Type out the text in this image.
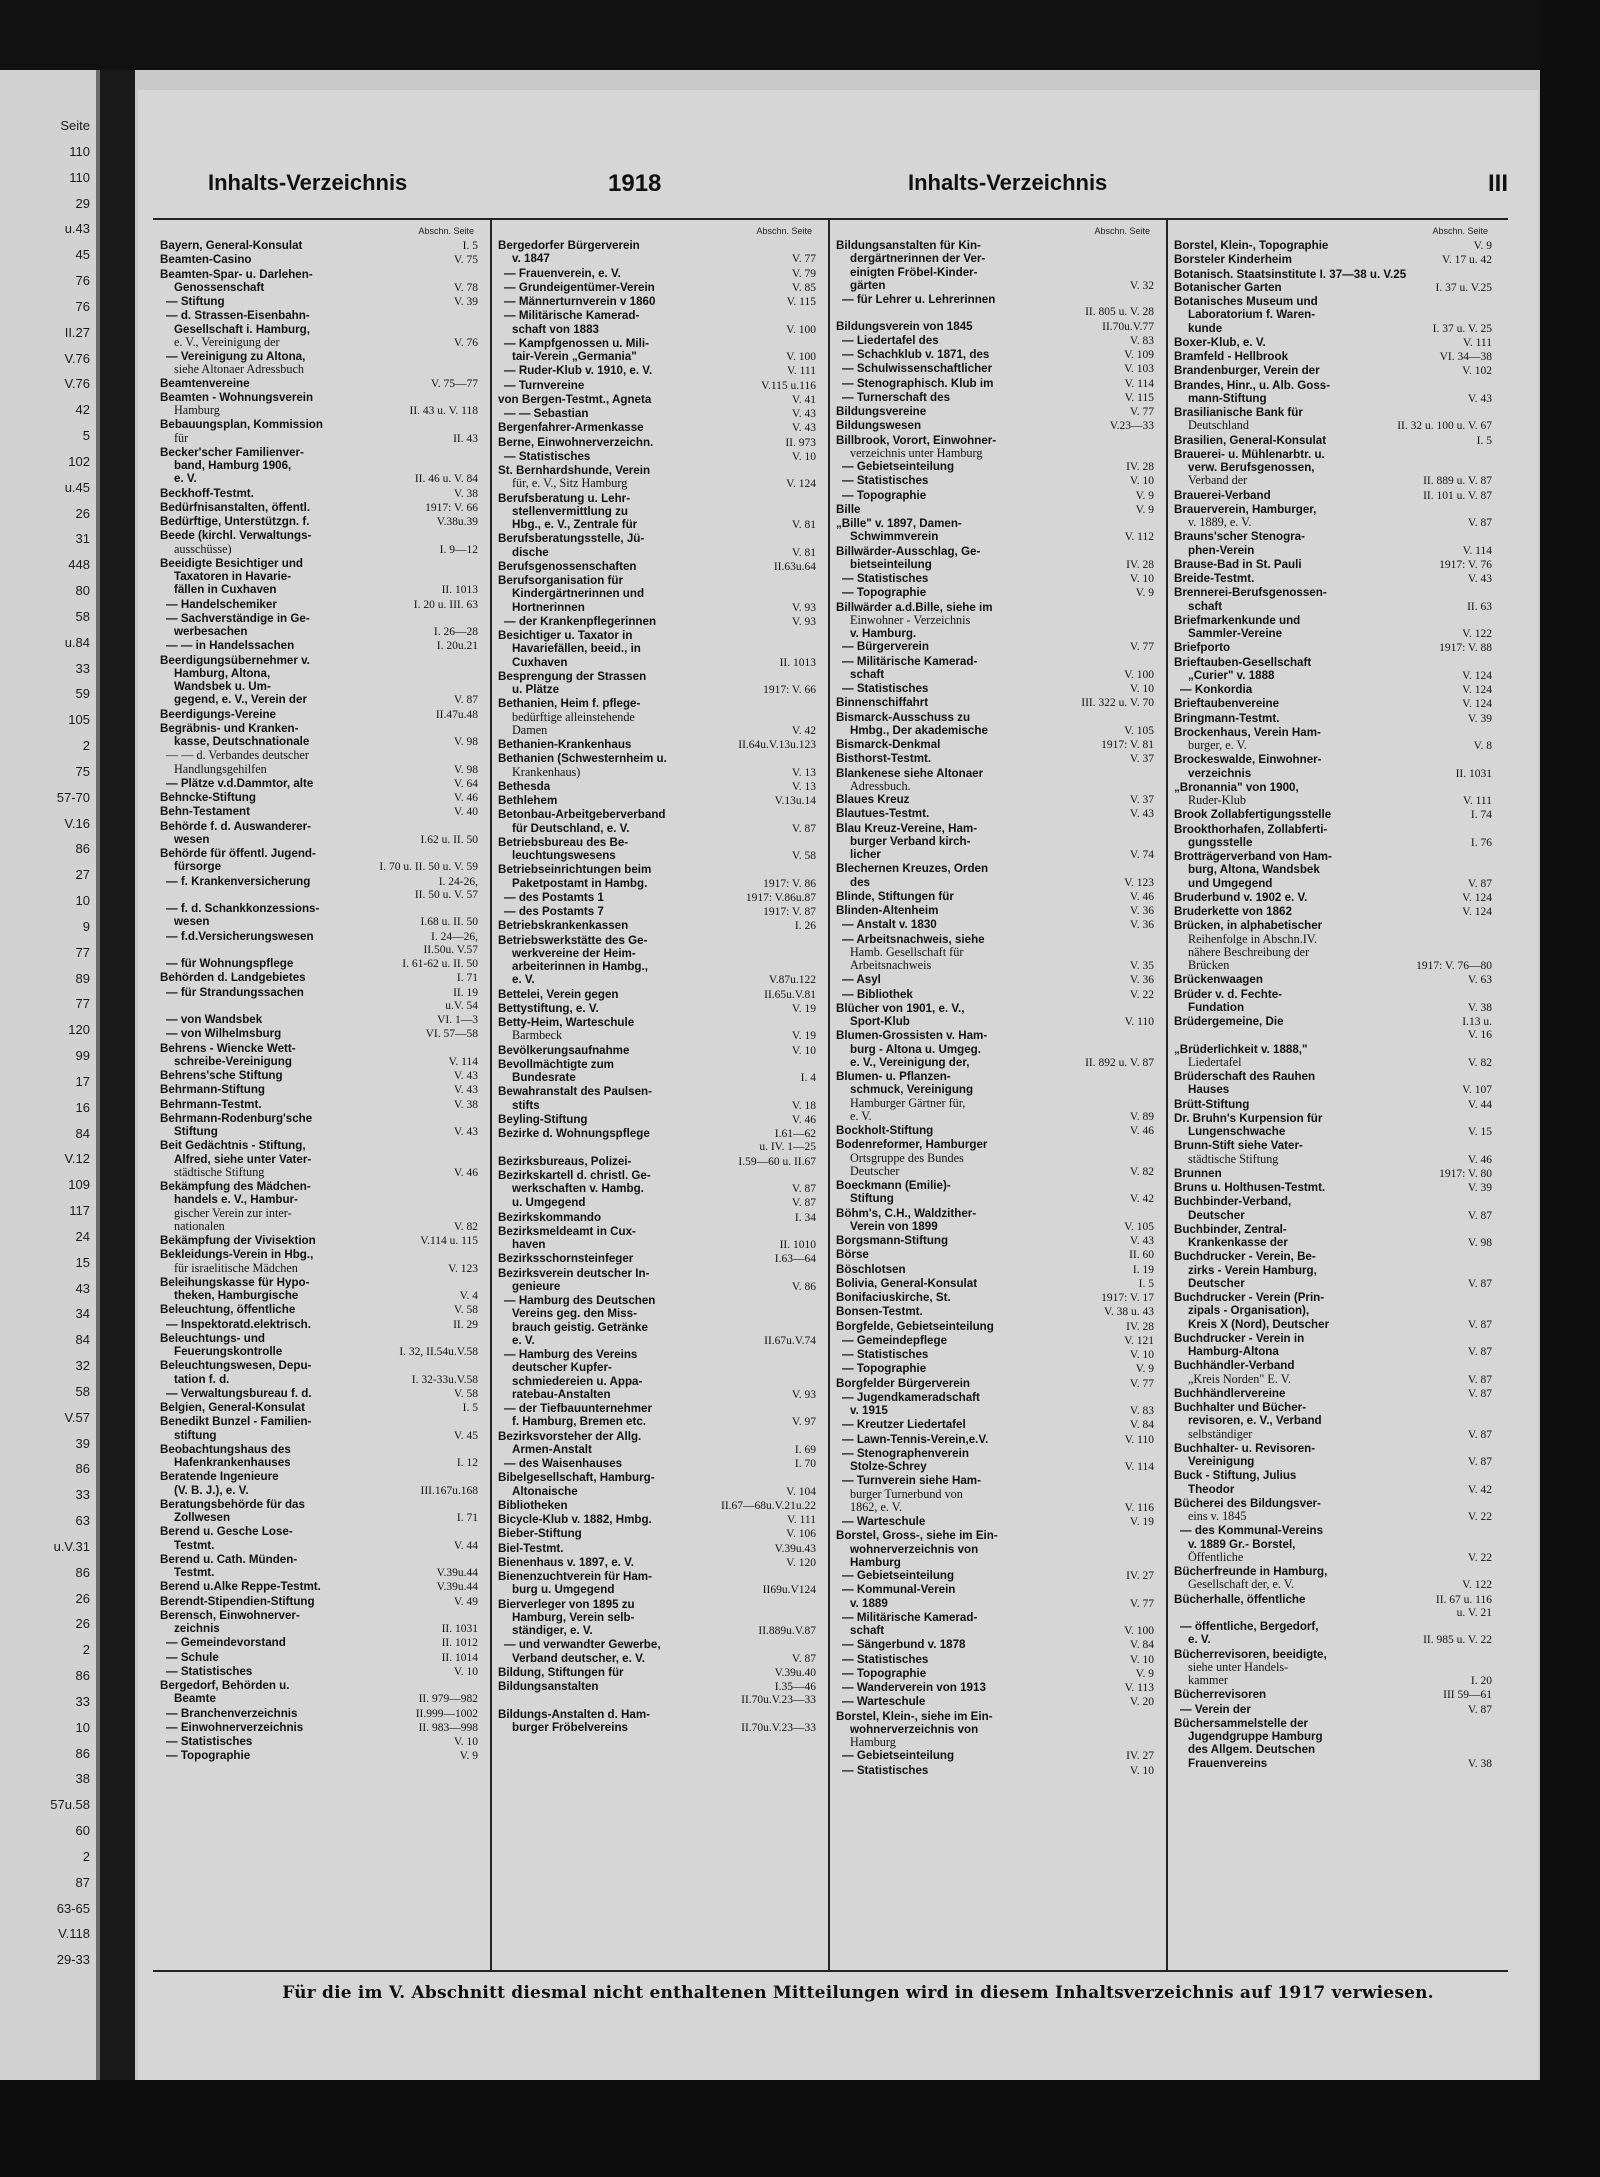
Seite
110
110
29
u.43
45
76
76
II.27
V.76
V.76
42
5
102
u.45
26
31
448
80
58
u.84
33
59
105
2
75
57-70
V.16
86
27
10
9
77
89
77
120
99
17
16
84
V.12
109
117
24
15
43
34
84
32
58
V.57
39
86
33
63
u.V.31
86
26
26
2
86
33
10
86
38
57u.58
60
2
87
63-65
V.118
29-33
Inhalts-Verzeichnis	1918	Inhalts-Verzeichnis	III
Abschn. Seite
Bayern, General-Konsulat	I. 5
Beamten-Casino	V. 75
Beamten-Spar- u. Darlehen-
Genossenschaft	V. 78
— Stiftung	V. 39
— d. Strassen-Eisenbahn-
Gesellschaft i. Hamburg,
e. V., Vereinigung der	V. 76
— Vereinigung zu Altona,
siehe Altonaer Adressbuch
Beamtenvereine	V. 75—77
Beamten - Wohnungsverein
Hamburg	II. 43 u. V. 118
Bebauungsplan, Kommission
für	II. 43
Becker'scher Familienver-
band, Hamburg 1906,
e. V.	II. 46 u. V. 84
Beckhoff-Testmt.	V. 38
Bedürfnisanstalten, öffentl.	1917: V. 66
Bedürftige, Unterstützgn. f.	V.38u.39
Beede (kirchl. Verwaltungs-
ausschüsse)	I. 9—12
Beeidigte Besichtiger und
Taxatoren in Havarie-
fällen in Cuxhaven	II. 1013
— Handelschemiker	I. 20 u. III. 63
— Sachverständige in Ge-
werbesachen	I. 26—28
— — in Handelssachen	I. 20u.21
Beerdigungsübernehmer v.
Hamburg, Altona,
Wandsbek u. Um-
gegend, e. V., Verein der	V. 87
Beerdigungs-Vereine	II.47u.48
Begräbnis- und Kranken-
kasse, Deutschnationale	V. 98
— — d. Verbandes deutscher
Handlungsgehilfen	V. 98
— Plätze v.d.Dammtor, alte	V. 64
Behncke-Stiftung	V. 46
Behn-Testament	V. 40
Behörde f. d. Auswanderer-
wesen	I.62 u. II. 50
Behörde für öffentl. Jugend-
fürsorge	I. 70 u. II. 50 u. V. 59
— f. Krankenversicherung	I. 24-26,
II. 50 u. V. 57
— f. d. Schankkonzessions-
wesen	I.68 u. II. 50
— f.d.Versicherungswesen	I. 24—26,
II.50u. V.57
— für Wohnungspflege	I. 61-62 u. II. 50
Behörden d. Landgebietes	I. 71
— für Strandungssachen	II. 19
u.V. 54
— von Wandsbek	VI. 1—3
— von Wilhelmsburg	VI. 57—58
Behrens - Wiencke Wett-
schreibe-Vereinigung	V. 114
Behrens'sche Stiftung	V. 43
Behrmann-Stiftung	V. 43
Behrmann-Testmt.	V. 38
Behrmann-Rodenburg'sche
Stiftung	V. 43
Beit Gedächtnis - Stiftung,
Alfred, siehe unter Vater-
städtische Stiftung	V. 46
Bekämpfung des Mädchen-
handels e. V., Hambur-
gischer Verein zur inter-
nationalen	V. 82
Bekämpfung der Vivisektion	V.114 u. 115
Bekleidungs-Verein in Hbg.,
für israelitische Mädchen	V. 123
Beleihungskasse für Hypo-
theken, Hamburgische	V. 4
Beleuchtung, öffentliche	V. 58
— Inspektoratd.elektrisch.	II. 29
Beleuchtungs- und
Feuerungskontrolle	I. 32, II.54u.V.58
Beleuchtungswesen, Depu-
tation f. d.	I. 32-33u.V.58
— Verwaltungsbureau f. d.	V. 58
Belgien, General-Konsulat	I. 5
Benedikt Bunzel - Familien-
stiftung	V. 45
Beobachtungshaus des
Hafenkrankenhauses	I. 12
Beratende Ingenieure
(V. B. J.), e. V.	III.167u.168
Beratungsbehörde für das
Zollwesen	I. 71
Berend u. Gesche Lose-
Testmt.	V. 44
Berend u. Cath. Münden-
Testmt.	V.39u.44
Berend u.Alke Reppe-Testmt.	V.39u.44
Berendt-Stipendien-Stiftung	V. 49
Berensch, Einwohnerver-
zeichnis	II. 1031
— Gemeindevorstand	II. 1012
— Schule	II. 1014
— Statistisches	V. 10
Bergedorf, Behörden u.
Beamte	II. 979—982
— Branchenverzeichnis	II.999—1002
— Einwohnerverzeichnis	II. 983—998
— Statistisches	V. 10
— Topographie	V. 9
Abschn. Seite
Bergedorfer Bürgerverein
v. 1847	V. 77
— Frauenverein, e. V.	V. 79
— Grundeigentümer-Verein	V. 85
— Männerturnverein v 1860	V. 115
— Militärische Kamerad-
schaft von 1883	V. 100
— Kampfgenossen u. Mili-
tair-Verein „Germania"	V. 100
— Ruder-Klub v. 1910, e. V.	V. 111
— Turnvereine	V.115 u.116
von Bergen-Testmt., Agneta	V. 41
— — Sebastian	V. 43
Bergenfahrer-Armenkasse	V. 43
Berne, Einwohnerverzeichn.	II. 973
— Statistisches	V. 10
St. Bernhardshunde, Verein
für, e. V., Sitz Hamburg	V. 124
Berufsberatung u. Lehr-
stellenvermittlung zu
Hbg., e. V., Zentrale für	V. 81
Berufsberatungsstelle, Jü-
dische	V. 81
Berufsgenossenschaften	II.63u.64
Berufsorganisation für
Kindergärtnerinnen und
Hortnerinnen	V. 93
— der Krankenpflegerinnen	V. 93
Besichtiger u. Taxator in
Havariefällen, beeid., in
Cuxhaven	II. 1013
Besprengung der Strassen
u. Plätze	1917: V. 66
Bethanien, Heim f. pflege-
bedürftige alleinstehende
Damen	V. 42
Bethanien-Krankenhaus	II.64u.V.13u.123
Bethanien (Schwesternheim u.
Krankenhaus)	V. 13
Bethesda	V. 13
Bethlehem	V.13u.14
Betonbau-Arbeitgeberverband
für Deutschland, e. V.	V. 87
Betriebsbureau des Be-
leuchtungswesens	V. 58
Betriebseinrichtungen beim
Paketpostamt in Hambg.	1917: V. 86
— des Postamts 1	1917: V.86u.87
— des Postamts 7	1917: V. 87
Betriebskrankenkassen	I. 26
Betriebswerkstätte des Ge-
werkvereine der Heim-
arbeiterinnen in Hambg.,
e. V.	V.87u.122
Bettelei, Verein gegen	II.65u.V.81
Bettystiftung, e. V.	V. 19
Betty-Heim, Warteschule
Barmbeck	V. 19
Bevölkerungsaufnahme	V. 10
Bevollmächtigte zum
Bundesrate	I. 4
Bewahranstalt des Paulsen-
stifts	V. 18
Beyling-Stiftung	V. 46
Bezirke d. Wohnungspflege	I.61—62
u. IV. 1—25
Bezirksbureaus, Polizei-	I.59—60 u. II.67
Bezirkskartell d. christl. Ge-
werkschaften v. Hambg.	V. 87
u. Umgegend	V. 87
Bezirkskommando	I. 34
Bezirksmeldeamt in Cux-
haven	II. 1010
Bezirksschornsteinfeger	I.63—64
Bezirksverein deutscher In-
genieure	V. 86
— Hamburg des Deutschen
Vereins geg. den Miss-
brauch geistig. Getränke
e. V.	II.67u.V.74
— Hamburg des Vereins
deutscher Kupfer-
schmiedereien u. Appa-
ratebau-Anstalten	V. 93
— der Tiefbauunternehmer
f. Hamburg, Bremen etc.	V. 97
Bezirksvorsteher der Allg.
Armen-Anstalt	I. 69
— des Waisenhauses	I. 70
Bibelgesellschaft, Hamburg-
Altonaische	V. 104
Bibliotheken	II.67—68u.V.21u.22
Bicycle-Klub v. 1882, Hmbg.	V. 111
Bieber-Stiftung	V. 106
Biel-Testmt.	V.39u.43
Bienenhaus v. 1897, e. V.	V. 120
Bienenzuchtverein für Ham-
burg u. Umgegend	II69u.V124
Bierverleger von 1895 zu
Hamburg, Verein selb-
ständiger, e. V.	II.889u.V.87
— und verwandter Gewerbe,
Verband deutscher, e. V.	V. 87
Bildung, Stiftungen für	V.39u.40
Bildungsanstalten	I.35—46
II.70u.V.23—33
Bildungs-Anstalten d. Ham-
burger Fröbelvereins	II.70u.V.23—33
Abschn. Seite
Bildungsanstalten für Kin-
dergärtnerinnen der Ver-
einigten Fröbel-Kinder-
gärten	V. 32
— für Lehrer u. Lehrerinnen
II. 805 u. V. 28
Bildungsverein von 1845	II.70u.V.77
— Liedertafel des	V. 83
— Schachklub v. 1871, des	V. 109
— Schulwissenschaftlicher	V. 103
— Stenographisch. Klub im	V. 114
— Turnerschaft des	V. 115
Bildungsvereine	V. 77
Bildungswesen	V.23—33
Billbrook, Vorort, Einwohner-
verzeichnis unter Hamburg
— Gebietseinteilung	IV. 28
— Statistisches	V. 10
— Topographie	V. 9
Bille	V. 9
„Bille" v. 1897, Damen-
Schwimmverein	V. 112
Billwärder-Ausschlag, Ge-
bietseinteilung	IV. 28
— Statistisches	V. 10
— Topographie	V. 9
Billwärder a.d.Bille, siehe im
Einwohner - Verzeichnis
v. Hamburg.
— Bürgerverein	V. 77
— Militärische Kamerad-
schaft	V. 100
— Statistisches	V. 10
Binnenschiffahrt	III. 322 u. V. 70
Bismarck-Ausschuss zu
Hmbg., Der akademische	V. 105
Bismarck-Denkmal	1917: V. 81
Bisthorst-Testmt.	V. 37
Blankenese siehe Altonaer
Adressbuch.
Blaues Kreuz	V. 37
Blautues-Testmt.	V. 43
Blau Kreuz-Vereine, Ham-
burger Verband kirch-
licher	V. 74
Blechernen Kreuzes, Orden
des	V. 123
Blinde, Stiftungen für	V. 46
Blinden-Altenheim	V. 36
— Anstalt v. 1830	V. 36
— Arbeitsnachweis, siehe
Hamb. Gesellschaft für
Arbeitsnachweis	V. 35
— Asyl	V. 36
— Bibliothek	V. 22
Blücher von 1901, e. V.,
Sport-Klub	V. 110
Blumen-Grossisten v. Ham-
burg - Altona u. Umgeg.
e. V., Vereinigung der,	II. 892 u. V. 87
Blumen- u. Pflanzen-
schmuck, Vereinigung
Hamburger Gärtner für,
e. V.	V. 89
Bockholt-Stiftung	V. 46
Bodenreformer, Hamburger
Ortsgruppe des Bundes
Deutscher	V. 82
Boeckmann (Emilie)-
Stiftung	V. 42
Böhm's, C.H., Waldzither-
Verein von 1899	V. 105
Borgsmann-Stiftung	V. 43
Börse	II. 60
Böschlotsen	I. 19
Bolivia, General-Konsulat	I. 5
Bonifaciuskirche, St.	1917: V. 17
Bonsen-Testmt.	V. 38 u. 43
Borgfelde, Gebietseinteilung	IV. 28
— Gemeindepflege	V. 121
— Statistisches	V. 10
— Topographie	V. 9
Borgfelder Bürgerverein	V. 77
— Jugendkameradschaft
v. 1915	V. 83
— Kreutzer Liedertafel	V. 84
— Lawn-Tennis-Verein,e.V.	V. 110
— Stenographenverein
Stolze-Schrey	V. 114
— Turnverein siehe Ham-
burger Turnerbund von
1862, e. V.	V. 116
— Warteschule	V. 19
Borstel, Gross-, siehe im Ein-
wohnerverzeichnis von
Hamburg
— Gebietseinteilung	IV. 27
— Kommunal-Verein
v. 1889	V. 77
— Militärische Kamerad-
schaft	V. 100
— Sängerbund v. 1878	V. 84
— Statistisches	V. 10
— Topographie	V. 9
— Wanderverein von 1913	V. 113
— Warteschule	V. 20
Borstel, Klein-, siehe im Ein-
wohnerverzeichnis von
Hamburg
— Gebietseinteilung	IV. 27
— Statistisches	V. 10
Abschn. Seite
Borstel, Klein-, Topographie	V. 9
Borsteler Kinderheim	V. 17 u. 42
Botanisch. Staatsinstitute I. 37—38 u. V.25
Botanischer Garten	I. 37 u. V.25
Botanisches Museum und
Laboratorium f. Waren-
kunde	I. 37 u. V. 25
Boxer-Klub, e. V.	V. 111
Bramfeld - Hellbrook	VI. 34—38
Brandenburger, Verein der	V. 102
Brandes, Hinr., u. Alb. Goss-
mann-Stiftung	V. 43
Brasilianische Bank für
Deutschland	II. 32 u. 100 u. V. 67
Brasilien, General-Konsulat	I. 5
Brauerei- u. Mühlenarbtr. u.
verw. Berufsgenossen,
Verband der	II. 889 u. V. 87
Brauerei-Verband	II. 101 u. V. 87
Brauerverein, Hamburger,
v. 1889, e. V.	V. 87
Brauns'scher Stenogra-
phen-Verein	V. 114
Brause-Bad in St. Pauli	1917: V. 76
Breide-Testmt.	V. 43
Brennerei-Berufsgenossen-
schaft	II. 63
Briefmarkenkunde und
Sammler-Vereine	V. 122
Briefporto	1917: V. 88
Brieftauben-Gesellschaft
„Curier" v. 1888	V. 124
— Konkordia	V. 124
Brieftaubenvereine	V. 124
Bringmann-Testmt.	V. 39
Brockenhaus, Verein Ham-
burger, e. V.	V. 8
Brockeswalde, Einwohner-
verzeichnis	II. 1031
„Bronannia" von 1900,
Ruder-Klub	V. 111
Brook Zollabfertigungsstelle	I. 74
Brookthorhafen, Zollabferti-
gungsstelle	I. 76
Brotträgerverband von Ham-
burg, Altona, Wandsbek
und Umgegend	V. 87
Bruderbund v. 1902 e. V.	V. 124
Bruderkette von 1862	V. 124
Brücken, in alphabetischer
Reihenfolge in Abschn.IV.
nähere Beschreibung der
Brücken	1917: V. 76—80
Brückenwaagen	V. 63
Brüder v. d. Fechte-
Fundation	V. 38
Brüdergemeine, Die	I.13 u.
V. 16
„Brüderlichkeit v. 1888,"
Liedertafel	V. 82
Brüderschaft des Rauhen
Hauses	V. 107
Brütt-Stiftung	V. 44
Dr. Bruhn's Kurpension für
Lungenschwache	V. 15
Brunn-Stift siehe Vater-
städtische Stiftung	V. 46
Brunnen	1917: V. 80
Bruns u. Holthusen-Testmt.	V. 39
Buchbinder-Verband,
Deutscher	V. 87
Buchbinder, Zentral-
Krankenkasse der	V. 98
Buchdrucker - Verein, Be-
zirks - Verein Hamburg,
Deutscher	V. 87
Buchdrucker - Verein (Prin-
zipals - Organisation),
Kreis X (Nord), Deutscher	V. 87
Buchdrucker - Verein in
Hamburg-Altona	V. 87
Buchhändler-Verband
„Kreis Norden" E. V.	V. 87
Buchhändlervereine	V. 87
Buchhalter und Bücher-
revisoren, e. V., Verband
selbständiger	V. 87
Buchhalter- u. Revisoren-
Vereinigung	V. 87
Buck - Stiftung, Julius
Theodor	V. 42
Bücherei des Bildungsver-
eins v. 1845	V. 22
— des Kommunal-Vereins
v. 1889 Gr.- Borstel,
Öffentliche	V. 22
Bücherfreunde in Hamburg,
Gesellschaft der, e. V.	V. 122
Bücherhalle, öffentliche	II. 67 u. 116
u. V. 21
— öffentliche, Bergedorf,
e. V.	II. 985 u. V. 22
Bücherrevisoren, beeidigte,
siehe unter Handels-
kammer	I. 20
Bücherrevisoren	III 59—61
— Verein der	V. 87
Büchersammelstelle der
Jugendgruppe Hamburg
des Allgem. Deutschen
Frauenvereins	V. 38
Für die im V. Abschnitt diesmal nicht enthaltenen Mitteilungen wird in diesem Inhaltsverzeichnis auf 1917 verwiesen.
